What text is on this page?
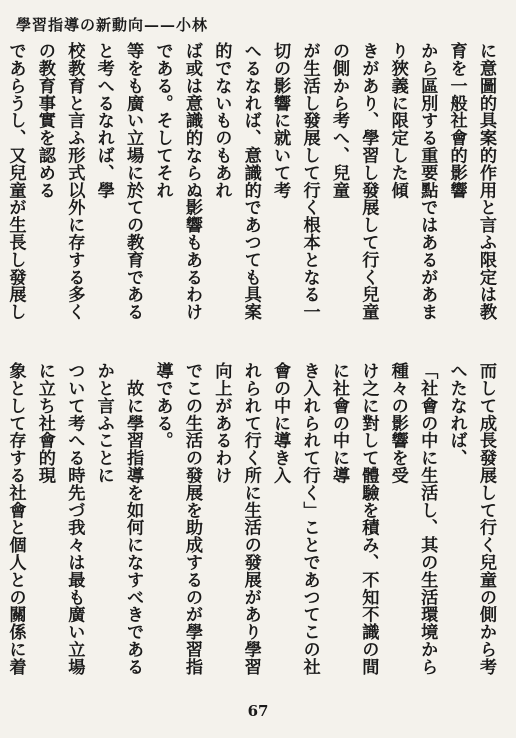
學習指導の新動向——小林
に意圖的具案的作用と言ふ限定は教育を一般社會的影響
から區別する重要點ではあるがあまり狹義に限定した傾
きがあり、學習し發展して行く兒童の側から考へ、兒童
が生活し發展して行く根本となる一切の影響に就いて考
へるなれば、意識的であつても具案的でないものもあれ
ば或は意識的ならぬ影響もあるわけである。そしてそれ
等をも廣い立場に於ての教育であると考へるなれば、學
校教育と言ふ形式以外に存する多くの教育事實を認める
であらうし、又兒童が生長し發展し

而して成長發展して行く兒童の側から考へたなれば、
「社會の中に生活し、其の生活環境から種々の影響を受
け之に對して體驗を積み、不知不識の間に社會の中に導
き入れられて行く」ことであつてこの社會の中に導き入
れられて行く所に生活の發展があり學習向上があるわけ
でこの生活の發展を助成するのが學習指導である。
　故に學習指導を如何になすべきであるかと言ふことに
ついて考へる時先づ我々は最も廣い立場に立ち社會的現
象として存する社會と個人との關係に着

67
